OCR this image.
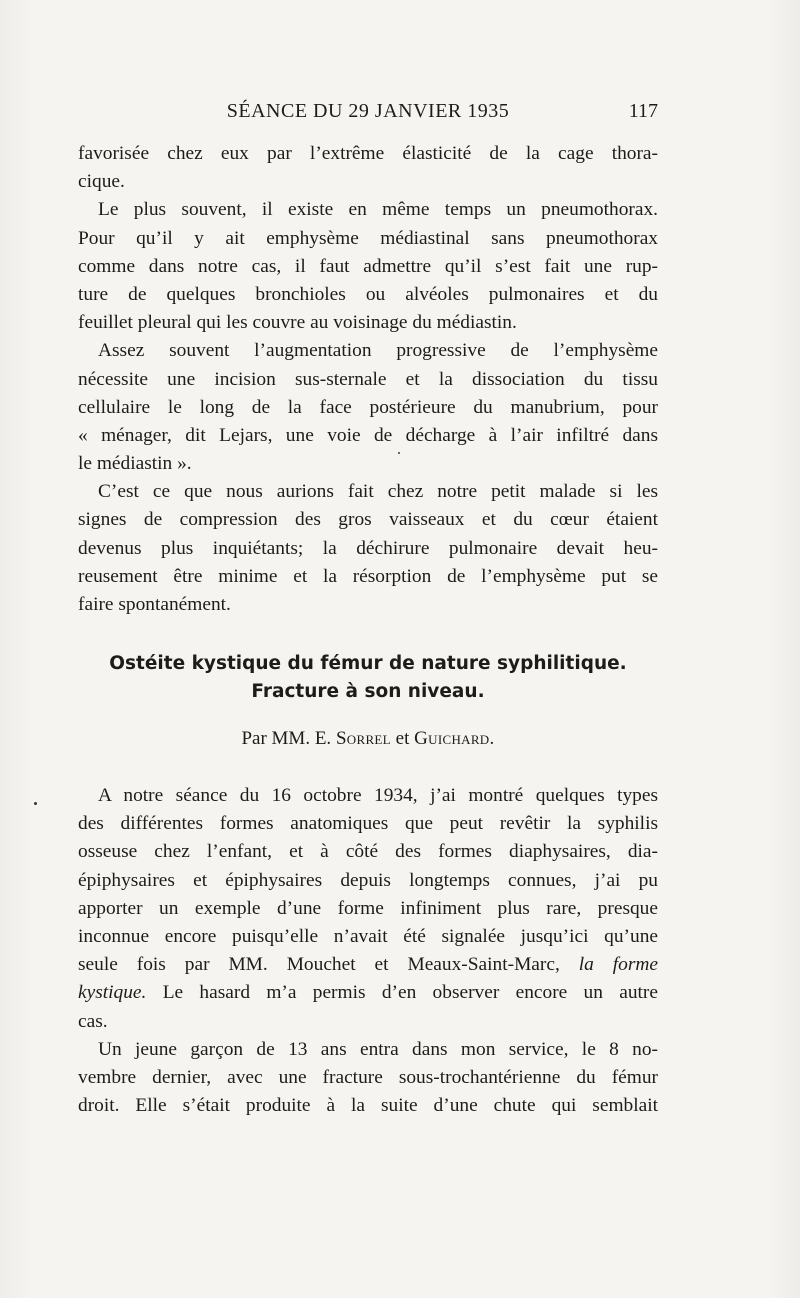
SÉANCE DU 29 JANVIER 1935	117
favorisée chez eux par l’extrême élasticité de la cage thora-
cique.
Le plus souvent, il existe en même temps un pneumothorax.
Pour qu’il y ait emphysème médiastinal sans pneumothorax
comme dans notre cas, il faut admettre qu’il s’est fait une rup-
ture de quelques bronchioles ou alvéoles pulmonaires et du
feuillet pleural qui les couvre au voisinage du médiastin.
Assez souvent l’augmentation progressive de l’emphysème
nécessite une incision sus-sternale et la dissociation du tissu
cellulaire le long de la face postérieure du manubrium, pour
« ménager, dit Lejars, une voie de décharge à l’air infiltré dans
le médiastin ».
C’est ce que nous aurions fait chez notre petit malade si les
signes de compression des gros vaisseaux et du cœur étaient
devenus plus inquiétants; la déchirure pulmonaire devait heu-
reusement être minime et la résorption de l’emphysème put se
faire spontanément.
Ostéite kystique du fémur de nature syphilitique.
Fracture à son niveau.
Par MM. E. Sorrel et Guichard.
A notre séance du 16 octobre 1934, j’ai montré quelques types
des différentes formes anatomiques que peut revêtir la syphilis
osseuse chez l’enfant, et à côté des formes diaphysaires, dia-
épiphysaires et épiphysaires depuis longtemps connues, j’ai pu
apporter un exemple d’une forme infiniment plus rare, presque
inconnue encore puisqu’elle n’avait été signalée jusqu’ici qu’une
seule fois par MM. Mouchet et Meaux-Saint-Marc, la forme
kystique. Le hasard m’a permis d’en observer encore un autre
cas.
Un jeune garçon de 13 ans entra dans mon service, le 8 no-
vembre dernier, avec une fracture sous-trochantérienne du fémur
droit. Elle s’était produite à la suite d’une chute qui semblait
